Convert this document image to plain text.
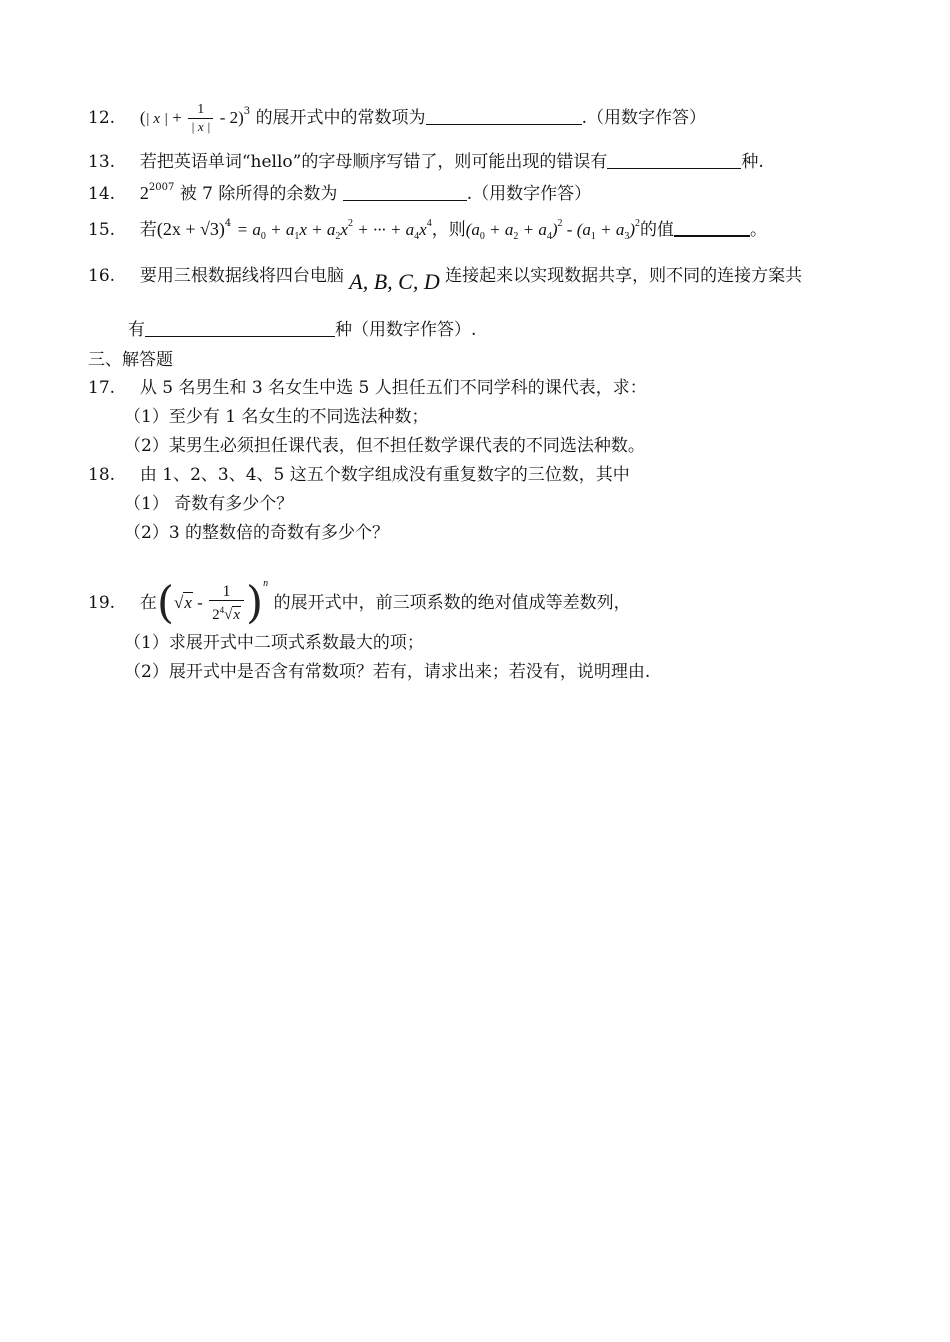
12. (| x | + $\frac{1}{| x |} - 2)^3$ 的展开式中的常数项为	.（用数字作答）
13. 若把英语单词“hello”的字母顺序写错了，则可能出现的错误有	种.
14. $2^{2007}$ 被 7 除所得的余数为	.（用数字作答）
15. 若$(2x + √3)^4 = a_0 + a_1x + a_2x^2$ + ··· + $a_4x^4$，则$(a_0 + a_2 + a_4)^2 - (a_1 + a_3)^2$的值	。
16. 要用三根数据线将四台电脑 A, B, C, D 连接起来以实现数据共享，则不同的连接方案共
有	种（用数字作答）.
三、解答题
17. 从 5 名男生和 3 名女生中选 5 人担任五们不同学科的课代表，求：
（1）至少有 1 名女生的不同选法种数；
（2）某男生必须担任课代表，但不担任数学课代表的不同选法种数。
18. 由 1、2、3、4、5 这五个数字组成没有重复数字的三位数，其中
（1） 奇数有多少个？
（2）3 的整数倍的奇数有多少个？
19. 在$(√x - \frac{1}{2^4√x} )^n$ 的展开式中，前三项系数的绝对值成等差数列，
（1）求展开式中二项式系数最大的项；
（2）展开式中是否含有常数项？若有，请求出来；若没有，说明理由.
